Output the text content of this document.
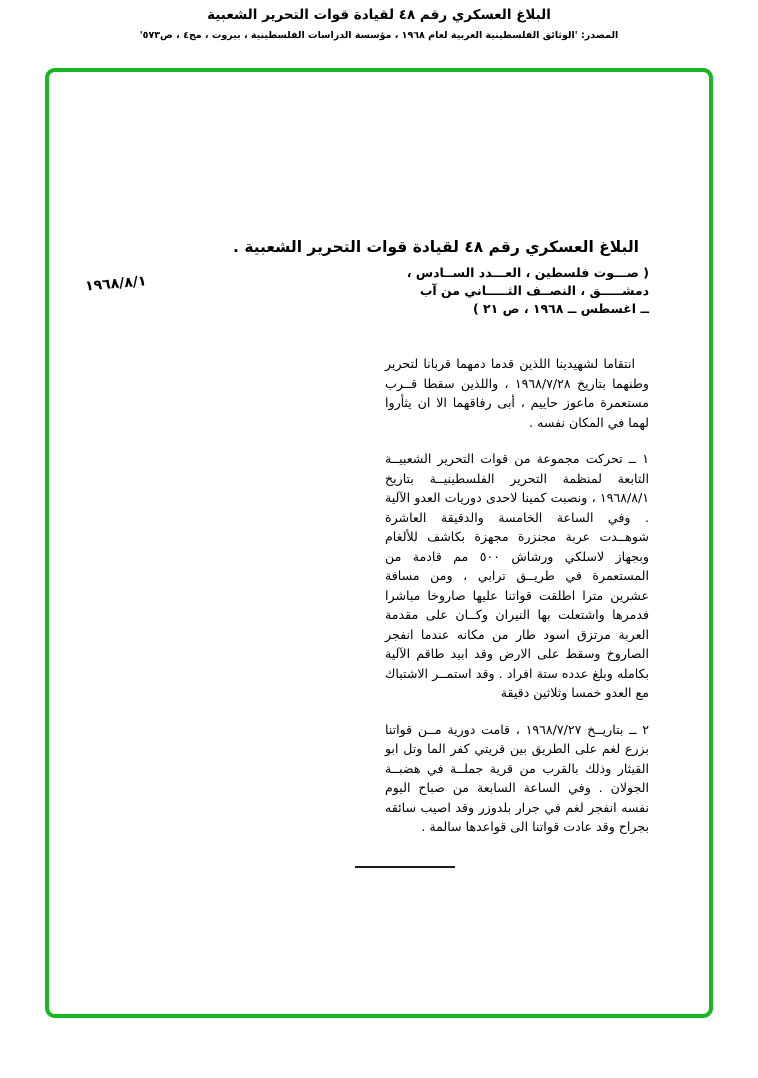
البلاغ العسكري رقم ٤٨ لقيادة قوات التحرير الشعبية
المصدر: 'الوثائق الفلسطينية العربية لعام ١٩٦٨ ، مؤسسة الدراسات الفلسطينية ، بيروت ، مج٤ ، ص٥٧٣'
البلاغ العسكري رقم ٤٨ لقيادة قوات التحرير الشعبية .
١٩٦٨/٨/١
( صـــوت فلسطين ، العـــدد الســادس ،
دمشـــــق ، النصــف الثـــــاني من آب
ــ اغسطس ــ ١٩٦٨ ، ص ٢١ )

انتقاما لشهيدينا اللذين قدما دمهما قربانا لتحرير وطنهما بتاريخ ١٩٦٨/٧/٢٨ ، واللذين سقطا قــرب مستعمرة ماعوز حاييم ، أبى رفاقهما الا ان يثأروا لهما في المكان نفسه .

١ ــ تحركت مجموعة من قوات التحرير الشعبيــة التابعة لمنظمة التحرير الفلسطينيــة بتاريخ ١٩٦٨/٨/١ ، ونصبت كمينا لاحدى دوريات العدو الآلية . وفي الساعة الخامسة والدقيقة العاشرة شوهــدت عربة مجنزرة مجهزة بكاشف للألغام وبجهاز لاسلكي ورشاش ٥٠٠ مم قادمة من المستعمرة في طريــق ترابي ، ومن مسافة عشرين مترا اطلقت قواتنا عليها صاروخا مباشرا فدمرها واشتعلت بها النيران وكــان على مقدمة العربة مرتزق اسود طار من مكانه عندما انفجر الصاروخ وسقط على الارض وقد ابيد طاقم الآلية بكامله وبلغ عدده ستة افراد . وقد استمــر الاشتباك مع العدو خمسا وثلاثين دقيقة

٢ ــ بتاريــخ ١٩٦٨/٧/٢٧ ، قامت دورية مــن قواتنا بزرع لغم على الطريق بين قريتي كفر الما وتل ابو القيثار وذلك بالقرب من قرية جملــة في هضبــة الجولان . وفي الساعة السابعة من صباح اليوم نفسه انفجر لغم في جرار بلدوزر وقد اصيب سائقه بجراح وقد عادت قواتنا الى قواعدها سالمة .
